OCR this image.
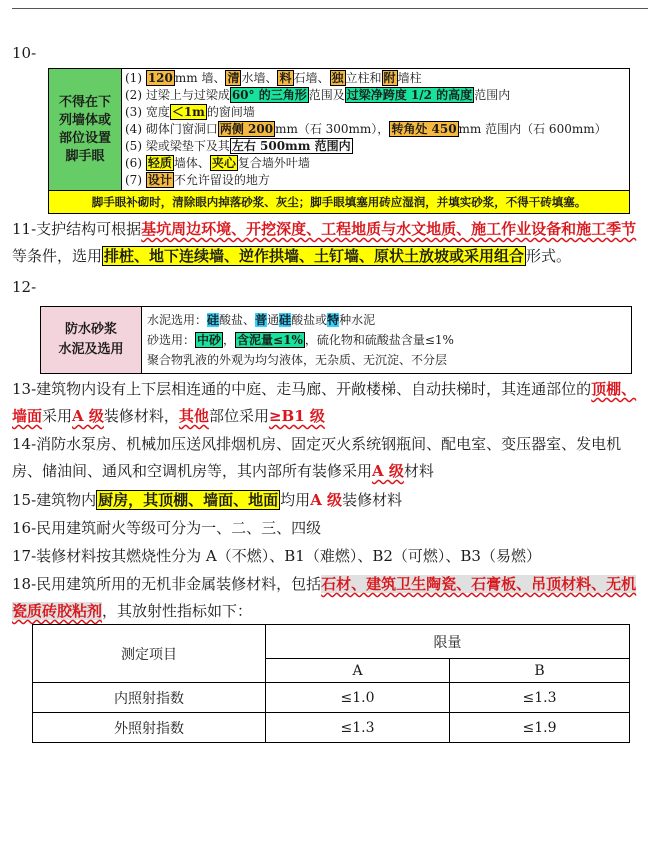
10-
不得在下
列墙体或
部位设置
脚手眼
(1) 120 mm 墙、 清 水墙、 料 石墙、 独 立柱和 附 墙柱
(2) 过梁上与过梁成 60° 的三角形 范围及 过梁净跨度 1/2 的高度 范围内
(3) 宽度 ＜1m 的窗间墙
(4) 砌体门窗洞口 两侧 200 mm（石 300mm）， 转角处 450 mm 范围内（石 600mm）
(5) 梁或梁垫下及其 左右 500mm 范围内
(6) 轻质 墙体、 夹心 复合墙外叶墙
(7) 设计 不允许留设的地方
脚手眼补砌时，清除眼内掉落砂浆、灰尘；脚手眼填塞用砖应湿润，并填实砂浆，不得干砖填塞。
11-支护结构可根据基坑周边环境、开挖深度、工程地质与水文地质、施工作业设备和施工季节等条件，选用 排桩、地下连续墙、逆作拱墙、土钉墙、原状土放坡或采用组合 形式。
12-
防水砂浆
水泥及选用
水泥选用：硅酸盐、普通硅酸盐或特种水泥
砂选用： 中砂 ， 含泥量≤1% ，硫化物和硫酸盐含量≤1%
聚合物乳液的外观为均匀液体，无杂质、无沉淀、不分层
13-建筑物内设有上下层相连通的中庭、走马廊、开敞楼梯、自动扶梯时，其连通部位的顶棚、墙面采用A 级装修材料，其他部位采用≥B1 级
14-消防水泵房、机械加压送风排烟机房、固定灭火系统钢瓶间、配电室、变压器室、发电机房、储油间、通风和空调机房等，其内部所有装修采用A 级材料
15-建筑物内 厨房，其顶棚、墙面、地面 均用A 级装修材料
16-民用建筑耐火等级可分为一、二、三、四级
17-装修材料按其燃烧性分为 A（不燃）、B1（难燃）、B2（可燃）、B3（易燃）
18-民用建筑所用的无机非金属装修材料，包括石材、建筑卫生陶瓷、石膏板、吊顶材料、无机瓷质砖胶粘剂，其放射性指标如下：
测定项目	限量	
	A	B
内照射指数	≤1.0	≤1.3
外照射指数	≤1.3	≤1.9
